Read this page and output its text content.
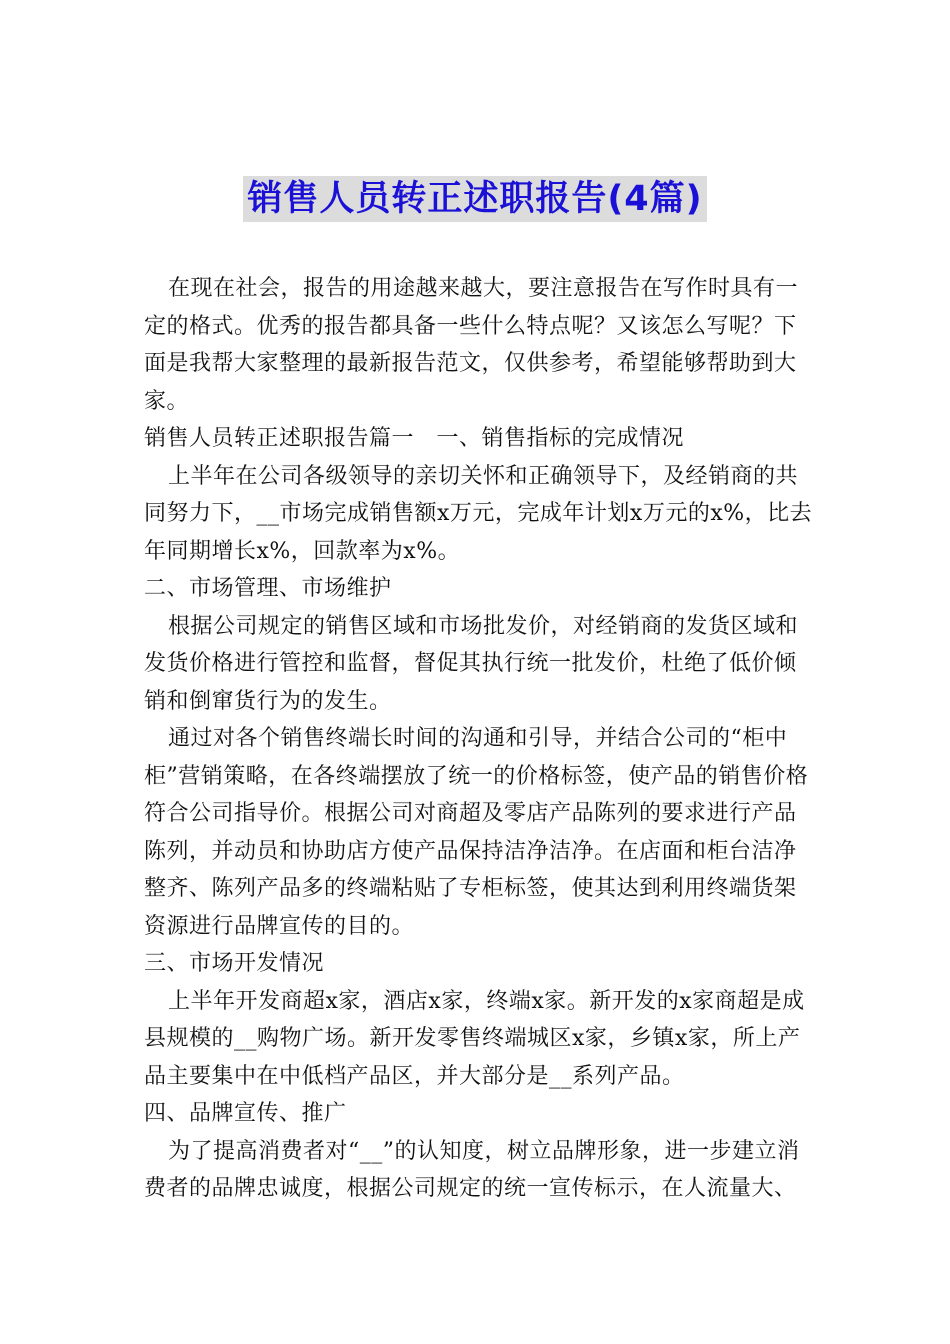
销售人员转正述职报告(4篇)

在现在社会，报告的用途越来越大，要注意报告在写作时具有一定的格式。优秀的报告都具备一些什么特点呢？又该怎么写呢？下面是我帮大家整理的最新报告范文，仅供参考，希望能够帮助到大家。

销售人员转正述职报告篇一　一、销售指标的完成情况

上半年在公司各级领导的亲切关怀和正确领导下，及经销商的共同努力下，__市场完成销售额x万元，完成年计划x万元的x%，比去年同期增长x%，回款率为x%。

二、市场管理、市场维护

根据公司规定的销售区域和市场批发价，对经销商的发货区域和发货价格进行管控和监督，督促其执行统一批发价，杜绝了低价倾销和倒窜货行为的发生。

通过对各个销售终端长时间的沟通和引导，并结合公司的“柜中柜”营销策略，在各终端摆放了统一的价格标签，使产品的销售价格符合公司指导价。根据公司对商超及零店产品陈列的要求进行产品陈列，并动员和协助店方使产品保持洁净洁净。在店面和柜台洁净整齐、陈列产品多的终端粘贴了专柜标签，使其达到利用终端货架资源进行品牌宣传的目的。

三、市场开发情况

上半年开发商超x家，酒店x家，终端x家。新开发的x家商超是成县规模的__购物广场。新开发零售终端城区x家，乡镇x家，所上产品主要集中在中低档产品区，并大部分是__系列产品。

四、品牌宣传、推广

为了提高消费者对“__”的认知度，树立品牌形象，进一步建立消费者的品牌忠诚度，根据公司规定的统一宣传标示，在人流量大、
